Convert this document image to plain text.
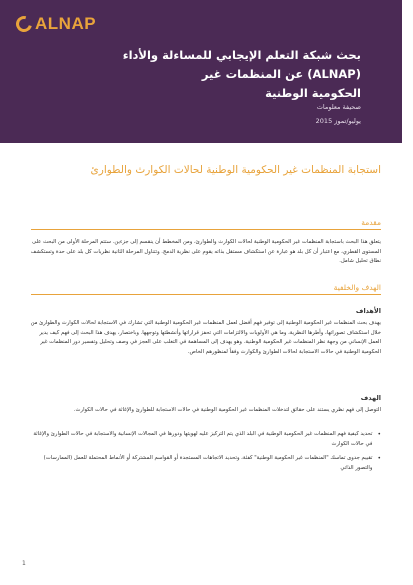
ALNAP
بحث شبكة التعلم الإيجابي للمساءلة والأداء
(ALNAP) عن المنظمات غير
الحكومية الوطنية
صحيفة معلومات
يوليو/تموز 2015
استجابة المنظمات غير الحكومية الوطنية لحالات الكوارث والطوارئ
مقدمة
يتعلق هذا البحث باستجابة المنظمات غير الحكومية الوطنية لحالات الكوارث والطوارئ، ومن المخطط أن ينقسم إلى جزءين. ستتم المرحلة الأولى من البحث على المستوى القطري، مع اعتبار أن كل بلد هو عبارة عن استكشاف مستقل بذاته يقوم على نظرية الدمج. وتتناول المرحلة الثانية نظريات كل بلد على حدة وتستكشف نطاق تحليل شامل.
الهدف والخلفية
الأهداف
يهدف بحث المنظمات غير الحكومية الوطنية إلى توفير فهم أفضل لعمل المنظمات غير الحكومية الوطنية التي تشارك في الاستجابة لحالات الكوارث والطوارئ من خلال استكشاف تصوراتها، وأطرها النظرية، وما هي الأولويات والالتزامات التي تحفز قراراتها وأنشطتها وتوجهها. وباختصار، يهدف هذا البحث إلى فهم كيف يدير العمل الإنساني من وجهة نظر المنظمات غير الحكومية الوطنية. وهو يهدف إلى المساهمة في التغلب على العجز في وصف وتحليل وتفسير دور المنظمات غير الحكومية الوطنية في حالات الاستجابة لحالات الطوارئ والكوارث وفقاً لمنظورهم الخاص.
الهدف
التوصل إلى فهم نظري يستند على حقائق لتدخلات المنظمات غير الحكومية الوطنية في حالات الاستجابة للطوارئ والإغاثة في حالات الكوارث.
•
تحديد كيفية فهم المنظمات غير الحكومية الوطنية في البلد الذي يتم التركيز عليه لهويتها ودورها في المجالات الإنسانية والاستجابة في حالات الطوارئ والإغاثة في حالات الكوارث
•
تقييم جدوى تماسك "المنظمات غير الحكومية الوطنية" كفئة، وتحديد الاتجاهات المستجدة أو القواسم المشتركة أو الأنماط المحتملة للعمل (الممارسات) والتصور الذاتي
1
